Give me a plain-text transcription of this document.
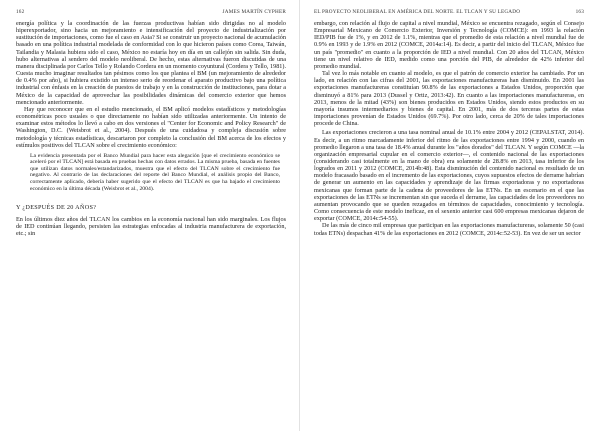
162	JAMES MARTÍN CYPHER

energía política y la coordinación de las fuerzas productivas habían sido dirigidas no al modelo hiperexportador, sino hacia un mejoramiento e intensificación del proyecto de industrialización por sustitución de importaciones, como fue el caso en Asia? Si se construir un proyecto nacional de acumulación basado en una política industrial modelada de conformidad con lo que hicieron países como Corea, Taiwán, Tailandia y Malasia hubiera sido el caso, México no estaría hoy en día en un callejón sin salida. Sin duda, hubo alternativas al sendero del modelo neoliberal. De hecho, estas alternativas fueron discutidas de una manera disciplinada por Carlos Tello y Rolando Cordera en un momento coyuntural (Cordera y Tello, 1981). Cuesta mucho imaginar resultados tan pésimos como los que plantea el BM (un mejoramiento de alrededor de 0.4% por año), si hubiera existido un intenso serio de reordenar el aparato productivo bajo una política industrial con énfasis en la creación de puestos de trabajo y en la construcción de instituciones, para dotar a México de la capacidad de aprovechar las posibilidades dinámicas del comercio exterior que hemos mencionado anteriormente.

Hay que reconocer que en el estudio mencionado, el BM aplicó modelos estadísticos y metodologías econométricas poco usuales o que directamente no habían sido utilizadas anteriormente. Un intento de examinar estos métodos lo llevó a cabo en dos versiones el "Center for Economic and Policy Research" de Washington, D.C. (Weisbrot et al., 2004). Después de una cuidadosa y compleja discusión sobre metodología y técnicas estadísticas, descartaron por completo la conclusión del BM acerca de los efectos y estímulos positivos del TLCAN sobre el crecimiento económico:

La evidencia presentada por el Banco Mundial para hacer esta alegación [que el crecimiento económico se aceleró por el TLCAN] está basada en pruebas hechas con datos errados. La misma prueba, basada en fuentes que utilizan datos normales/estandarizados, muestra que el efecto del TLCAN sobre el crecimiento fue negativo. Al contrario de las declaraciones del reporte del Banco Mundial, el análisis propio del Banco, correctamente aplicado, debería haber sugerido que el efecto del TLCAN es que ha bajado el crecimiento económico en la última década (Weisbrot et al., 2004).

Y ¿DESPUÉS DE 20 AÑOS?

En los últimos diez años del TLCAN los cambios en la economía nacional han sido marginales. Los flujos de IED continúan llegando, persisten las estrategias enfocadas al industria manufacturera de exportación, etc.; sin

EL PROYECTO NEOLIBERAL EN AMÉRICA DEL NORTE. EL TLCAN Y SU LEGADO	163

embargo, con relación al flujo de capital a nivel mundial, México se encuentra rezagado, según el Consejo Empresarial Mexicano de Comercio Exterior, Inversión y Tecnología (COMCE): en 1993 la relación IED/PIB fue de 1%, y en 2012 de 1.1%, mientras que el promedio de esta relación a nivel mundial fue de 0.9% en 1993 y de 1.9% en 2012 (COMCE, 2014a:14). Es decir, a partir del inicio del TLCAN, México fue un país "promedio" en cuanto a la proporción de IED a nivel mundial. Con 20 años del TLCAN, México tiene un nivel relativo de IED, medido como una porción del PIB, de alrededor de 42% inferior del promedio mundial.

Tal vez lo más notable en cuanto al modelo, es que el patrón de comercio exterior ha cambiado. Por un lado, en relación con las cifras del 2001, las exportaciones manufactureras han disminuido. En 2001 las exportaciones manufactureras constituían 90.8% de las exportaciones a Estados Unidos, proporción que disminuyó a 81% para 2013 (Dussel y Ortiz, 2013:42). En cuanto a las importaciones manufactureras, en 2013, menos de la mitad (43%) son bienes producidos en Estados Unidos, siendo estos productos en su mayoría insumos intermediarios y bienes de capital. En 2001, más de dos terceras partes de estas importaciones provenían de Estados Unidos (69.7%). Por otro lado, cerca de 20% de tales importaciones procede de China.

Las exportaciones crecieron a una tasa nominal anual de 10.1% entre 2004 y 2012 (CEPALSTAT, 2014). Es decir, a un ritmo marcadamente inferior del ritmo de las exportaciones entre 1994 y 2000, cuando en promedio llegaron a una tasa de 18.4% anual durante los "años dorados" del TLCAN. Y según COMCE —la organización empresarial cupular en el comercio exterior—, el contenido nacional de las exportaciones (considerando casi totalmente en la mano de obra) era solamente de 28.8% en 2013, tasa inferior de los logrados en 2011 y 2012 (COMCE, 2014b:48). Esta disminución del contenido nacional es resultado de un modelo fracasado basado en el incremento de las exportaciones, cuyos supuestos efectos de derrame habrían de generar un aumento en las capacidades y aprendizaje de las firmas exportadoras y no exportadoras mexicanas que forman parte de la cadena de proveedores de las ETNs. En un escenario en el que las exportaciones de las ETNs se incrementan sin que suceda el derrame, las capacidades de los proveedores no aumentan provocando que se queden rezagados en términos de capacidades, conocimiento y tecnología. Como consecuencia de este modelo ineficaz, en el sexenio anterior casi 600 empresas mexicanas dejaron de exportar (COMCE, 2014c:54-55).

De las más de cinco mil empresas que participan en las exportaciones manufactureras, solamente 50 (casi todas ETNs) despachan 41% de las exportaciones en 2012 (COMCE, 2014c:52-53). En vez de ser un sector
